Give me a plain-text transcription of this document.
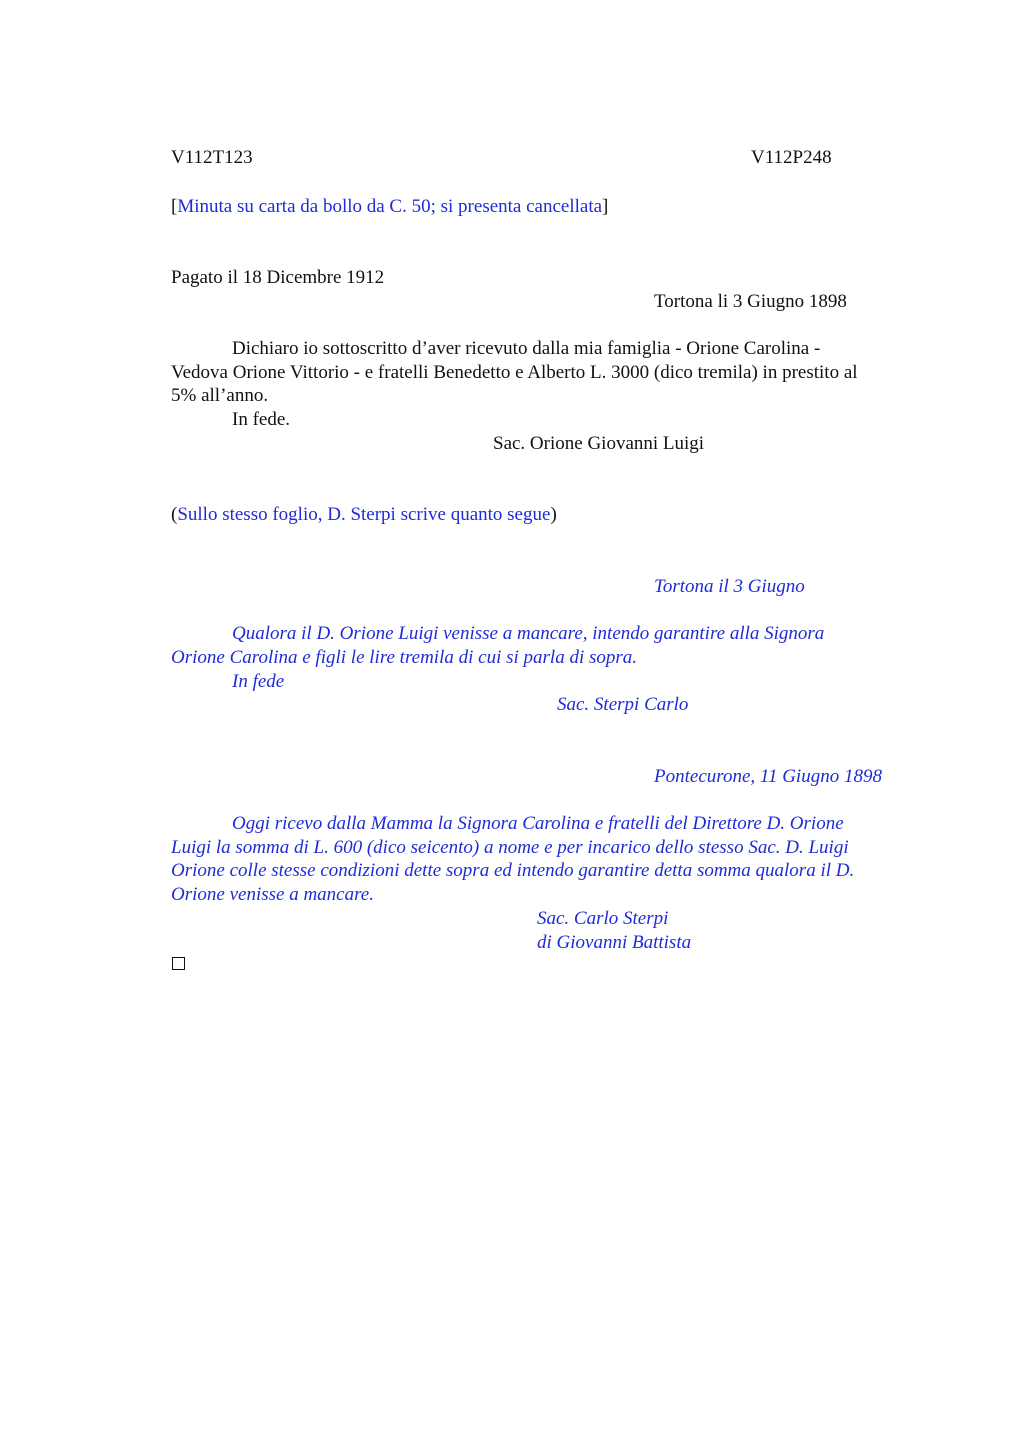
V112T123	V112P248
[Minuta su carta da bollo da C. 50; si presenta cancellata]
Pagato il 18 Dicembre 1912
Tortona li 3 Giugno 1898
Dichiaro io sottoscritto d’aver ricevuto dalla mia famiglia - Orione Carolina -
Vedova Orione Vittorio - e fratelli Benedetto e Alberto L. 3000 (dico tremila) in prestito al
5% all’anno.
In fede.
Sac. Orione Giovanni Luigi
(Sullo stesso foglio, D. Sterpi scrive quanto segue)
Tortona il 3 Giugno
Qualora il D. Orione Luigi venisse a mancare, intendo garantire alla Signora
Orione Carolina e figli le lire tremila di cui si parla di sopra.
In fede
Sac. Sterpi Carlo
Pontecurone, 11 Giugno 1898
Oggi ricevo dalla Mamma la Signora Carolina e fratelli del Direttore D. Orione
Luigi la somma di L. 600 (dico seicento) a nome e per incarico dello stesso Sac. D. Luigi
Orione colle stesse condizioni dette sopra ed intendo garantire detta somma qualora il D.
Orione venisse a mancare.
Sac. Carlo Sterpi
di Giovanni Battista
